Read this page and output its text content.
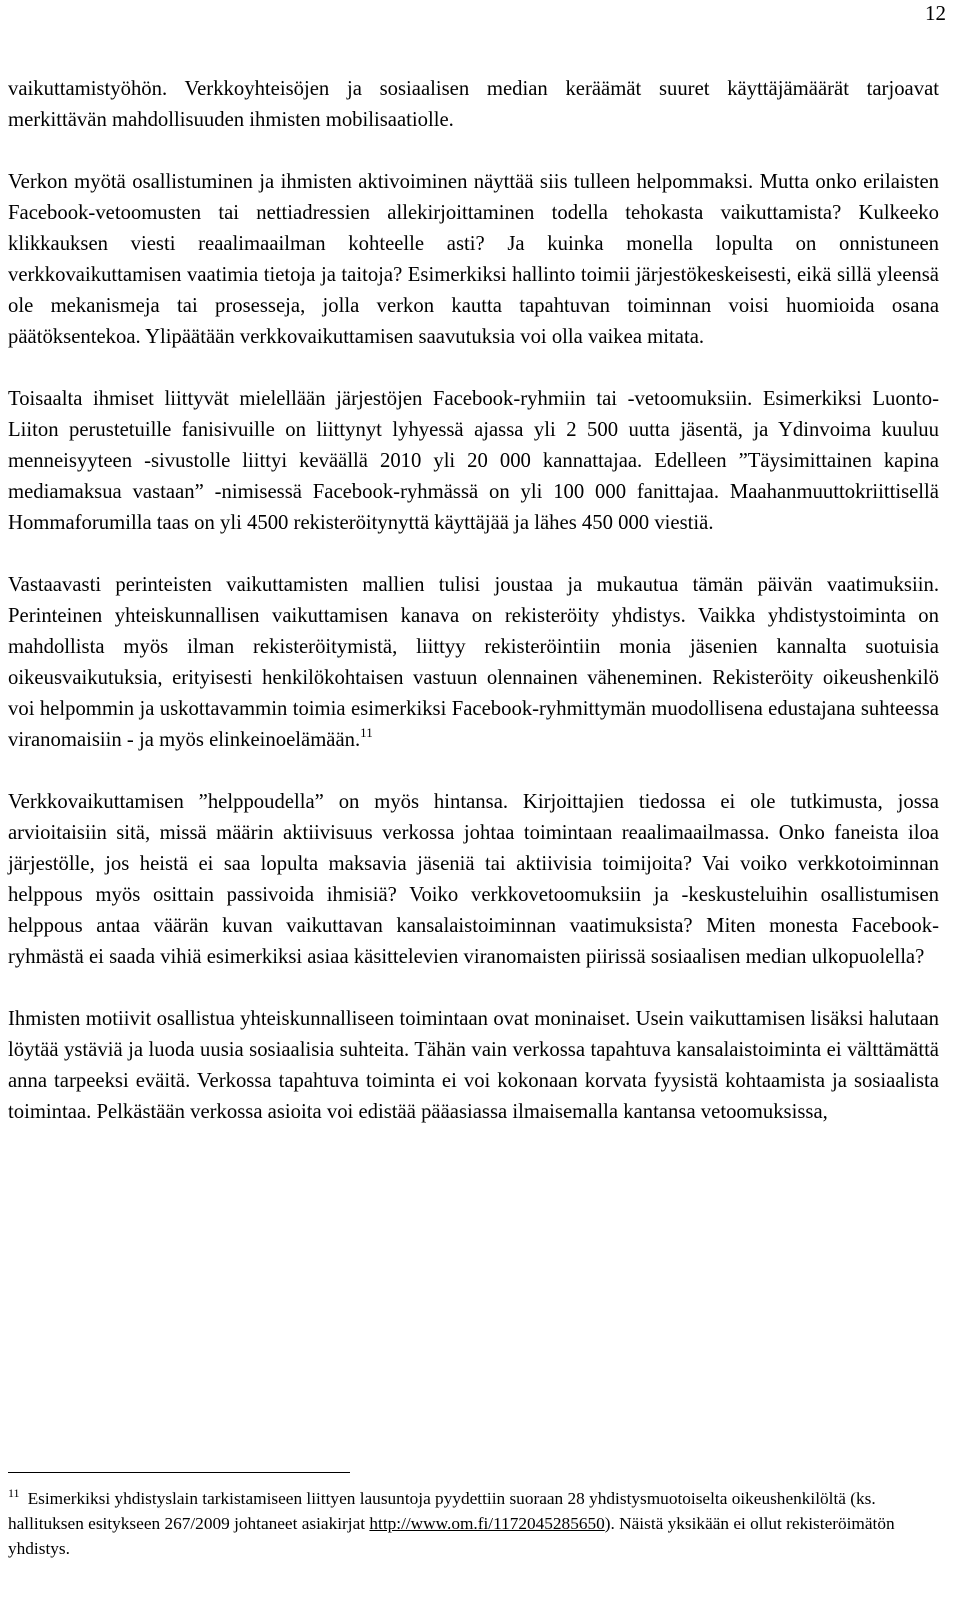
12

vaikuttamistyöhön. Verkkoyhteisöjen ja sosiaalisen median keräämät suuret käyttäjämäärät tarjoavat merkittävän mahdollisuuden ihmisten mobilisaatiolle.

Verkon myötä osallistuminen ja ihmisten aktivoiminen näyttää siis tulleen helpommaksi. Mutta onko erilaisten Facebook-vetoomusten tai nettiadressien allekirjoittaminen todella tehokasta vaikuttamista? Kulkeeko klikkauksen viesti reaalimaailman kohteelle asti? Ja kuinka monella lopulta on onnistuneen verkkovaikuttamisen vaatimia tietoja ja taitoja? Esimerkiksi hallinto toimii järjestökeskeisesti, eikä sillä yleensä ole mekanismeja tai prosesseja, jolla verkon kautta tapahtuvan toiminnan voisi huomioida osana päätöksentekoa. Ylipäätään verkkovaikuttamisen saavutuksia voi olla vaikea mitata.

Toisaalta ihmiset liittyvät mielellään järjestöjen Facebook-ryhmiin tai -vetoomuksiin. Esimerkiksi Luonto-Liiton perustetuille fanisivuille on liittynyt lyhyessä ajassa yli 2 500 uutta jäsentä, ja Ydinvoima kuuluu menneisyyteen -sivustolle liittyi keväällä 2010 yli 20 000 kannattajaa. Edelleen ”Täysimittainen kapina mediamaksua vastaan” -nimisessä Facebook-ryhmässä on yli 100 000 fanittajaa. Maahanmuuttokriittisellä Hommaforumilla taas on yli 4500 rekisteröitynyttä käyttäjää ja lähes 450 000 viestiä.

Vastaavasti perinteisten vaikuttamisten mallien tulisi joustaa ja mukautua tämän päivän vaatimuksiin. Perinteinen yhteiskunnallisen vaikuttamisen kanava on rekisteröity yhdistys. Vaikka yhdistystoiminta on mahdollista myös ilman rekisteröitymistä, liittyy rekisteröintiin monia jäsenien kannalta suotuisia oikeusvaikutuksia, erityisesti henkilökohtaisen vastuun olennainen väheneminen. Rekisteröity oikeushenkilö voi helpommin ja uskottavammin toimia esimerkiksi Facebook-ryhmittymän muodollisena edustajana suhteessa viranomaisiin - ja myös elinkeinoelämään.$^{11}$

Verkkovaikuttamisen ”helppoudella” on myös hintansa. Kirjoittajien tiedossa ei ole tutkimusta, jossa arvioitaisiin sitä, missä määrin aktiivisuus verkossa johtaa toimintaan reaalimaailmassa. Onko faneista iloa järjestölle, jos heistä ei saa lopulta maksavia jäseniä tai aktiivisia toimijoita? Vai voiko verkkotoiminnan helppous myös osittain passivoida ihmisiä? Voiko verkkovetoomuksiin ja -keskusteluihin osallistumisen helppous antaa väärän kuvan vaikuttavan kansalaistoiminnan vaatimuksista? Miten monesta Facebook-ryhmästä ei saada vihiä esimerkiksi asiaa käsittelevien viranomaisten piirissä sosiaalisen median ulkopuolella?

Ihmisten motiivit osallistua yhteiskunnalliseen toimintaan ovat moninaiset. Usein vaikuttamisen lisäksi halutaan löytää ystäviä ja luoda uusia sosiaalisia suhteita. Tähän vain verkossa tapahtuva kansalaistoiminta ei välttämättä anna tarpeeksi eväitä. Verkossa tapahtuva toiminta ei voi kokonaan korvata fyysistä kohtaamista ja sosiaalista toimintaa. Pelkästään verkossa asioita voi edistää pääasiassa ilmaisemalla kantansa vetoomuksissa,

$^{11}$ Esimerkiksi yhdistyslain tarkistamiseen liittyen lausuntoja pyydettiin suoraan 28 yhdistysmuotoiselta oikeushenkilöltä (ks. hallituksen esitykseen 267/2009 johtaneet asiakirjat http://www.om.fi/1172045285650). Näistä yksikään ei ollut rekisteröimätön yhdistys.
